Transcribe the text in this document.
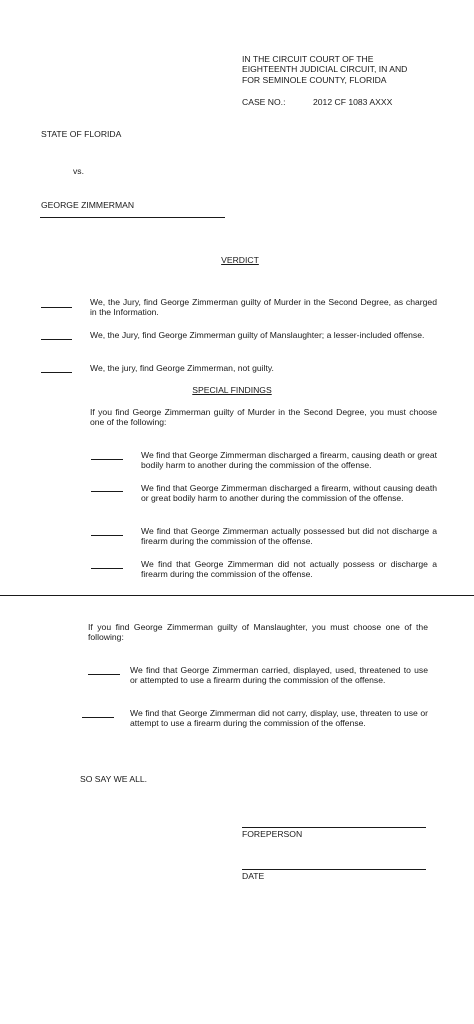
IN THE CIRCUIT COURT OF THE
EIGHTEENTH JUDICIAL CIRCUIT, IN AND
FOR SEMINOLE COUNTY, FLORIDA
CASE NO.:	2012 CF 1083 AXXX
STATE OF FLORIDA
vs.
GEORGE ZIMMERMAN
VERDICT
We, the Jury, find George Zimmerman guilty of Murder in the Second Degree, as charged in the Information.
We, the Jury, find George Zimmerman guilty of Manslaughter; a lesser-included offense.
We, the jury, find George Zimmerman, not guilty.
SPECIAL FINDINGS
If you find George Zimmerman guilty of Murder in the Second Degree, you must choose one of the following:
We find that George Zimmerman discharged a firearm, causing death or great bodily harm to another during the commission of the offense.
We find that George Zimmerman discharged a firearm, without causing death or great bodily harm to another during the commission of the offense.
We find that George Zimmerman actually possessed but did not discharge a firearm during the commission of the offense.
We find that George Zimmerman did not actually possess or discharge a firearm during the commission of the offense.
If you find George Zimmerman guilty of Manslaughter, you must choose one of the following:
We find that George Zimmerman carried, displayed, used, threatened to use or attempted to use a firearm during the commission of the offense.
We find that George Zimmerman did not carry, display, use, threaten to use or attempt to use a firearm during the commission of the offense.
SO SAY WE ALL.
FOREPERSON
DATE
